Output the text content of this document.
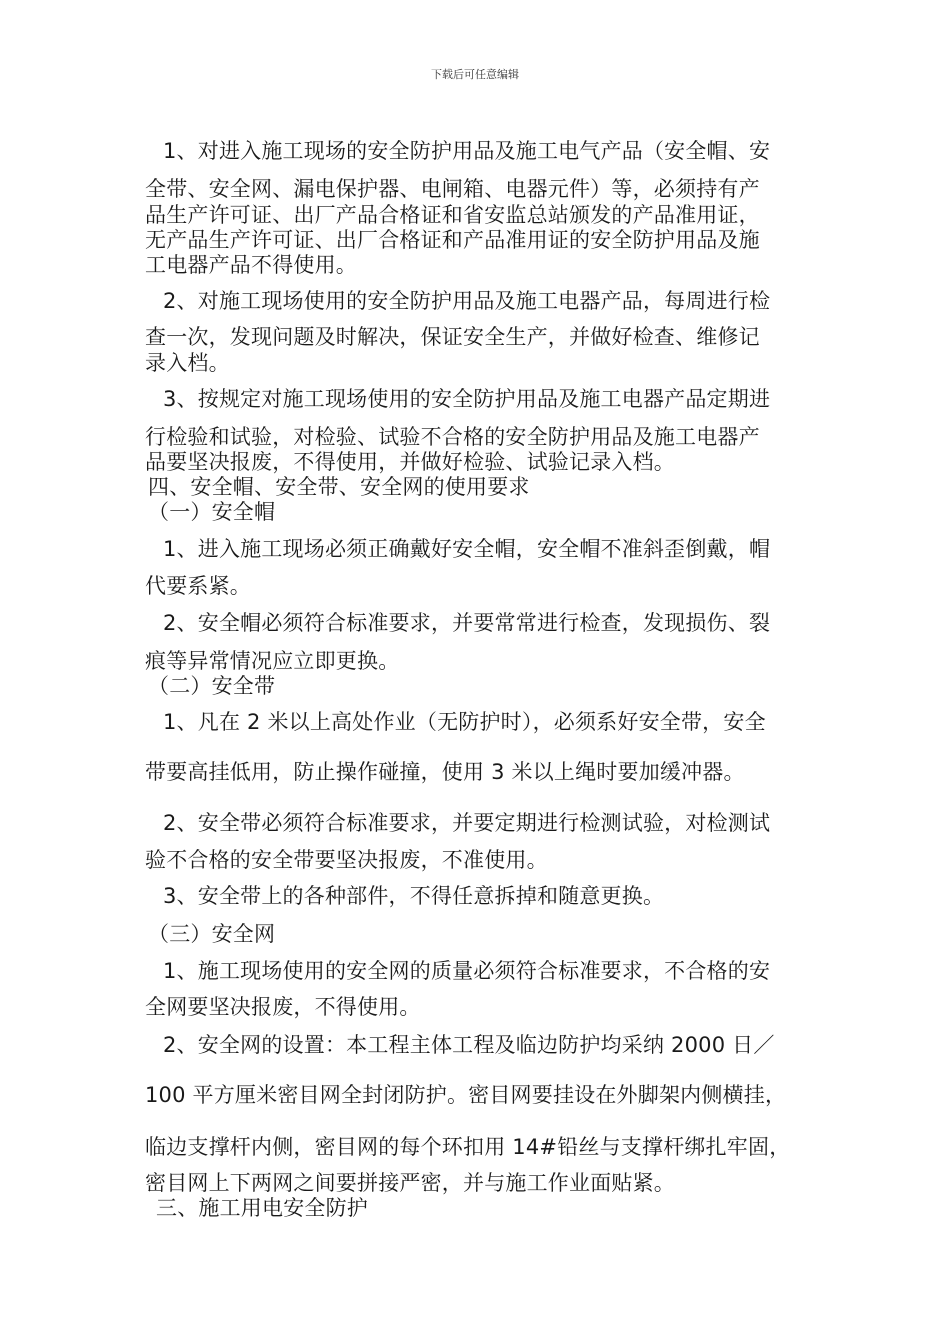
下载后可任意编辑
1、对进入施工现场的安全防护用品及施工电气产品（安全帽、安
全带、安全网、漏电保护器、电闸箱、电器元件）等，必须持有产
品生产许可证、出厂产品合格证和省安监总站颁发的产品准用证，
无产品生产许可证、出厂合格证和产品准用证的安全防护用品及施
工电器产品不得使用。
2、对施工现场使用的安全防护用品及施工电器产品，每周进行检
查一次，发现问题及时解决，保证安全生产，并做好检查、维修记
录入档。
3、按规定对施工现场使用的安全防护用品及施工电器产品定期进
行检验和试验，对检验、试验不合格的安全防护用品及施工电器产
品要坚决报废，不得使用，并做好检验、试验记录入档。
四、安全帽、安全带、安全网的使用要求
（一）安全帽
1、进入施工现场必须正确戴好安全帽，安全帽不准斜歪倒戴，帽
代要系紧。
2、安全帽必须符合标准要求，并要常常进行检查，发现损伤、裂
痕等异常情况应立即更换。
（二）安全带
1、凡在 2 米以上高处作业（无防护时），必须系好安全带，安全
带要高挂低用，防止操作碰撞，使用 3 米以上绳时要加缓冲器。
2、安全带必须符合标准要求，并要定期进行检测试验，对检测试
验不合格的安全带要坚决报废，不准使用。
3、安全带上的各种部件，不得任意拆掉和随意更换。
（三）安全网
1、施工现场使用的安全网的质量必须符合标准要求，不合格的安
全网要坚决报废，不得使用。
2、安全网的设置：本工程主体工程及临边防护均采纳 2000 日／
100 平方厘米密目网全封闭防护。密目网要挂设在外脚架内侧横挂，
临边支撑杆内侧，密目网的每个环扣用 14#铅丝与支撑杆绑扎牢固，
密目网上下两网之间要拼接严密，并与施工作业面贴紧。
三、施工用电安全防护
